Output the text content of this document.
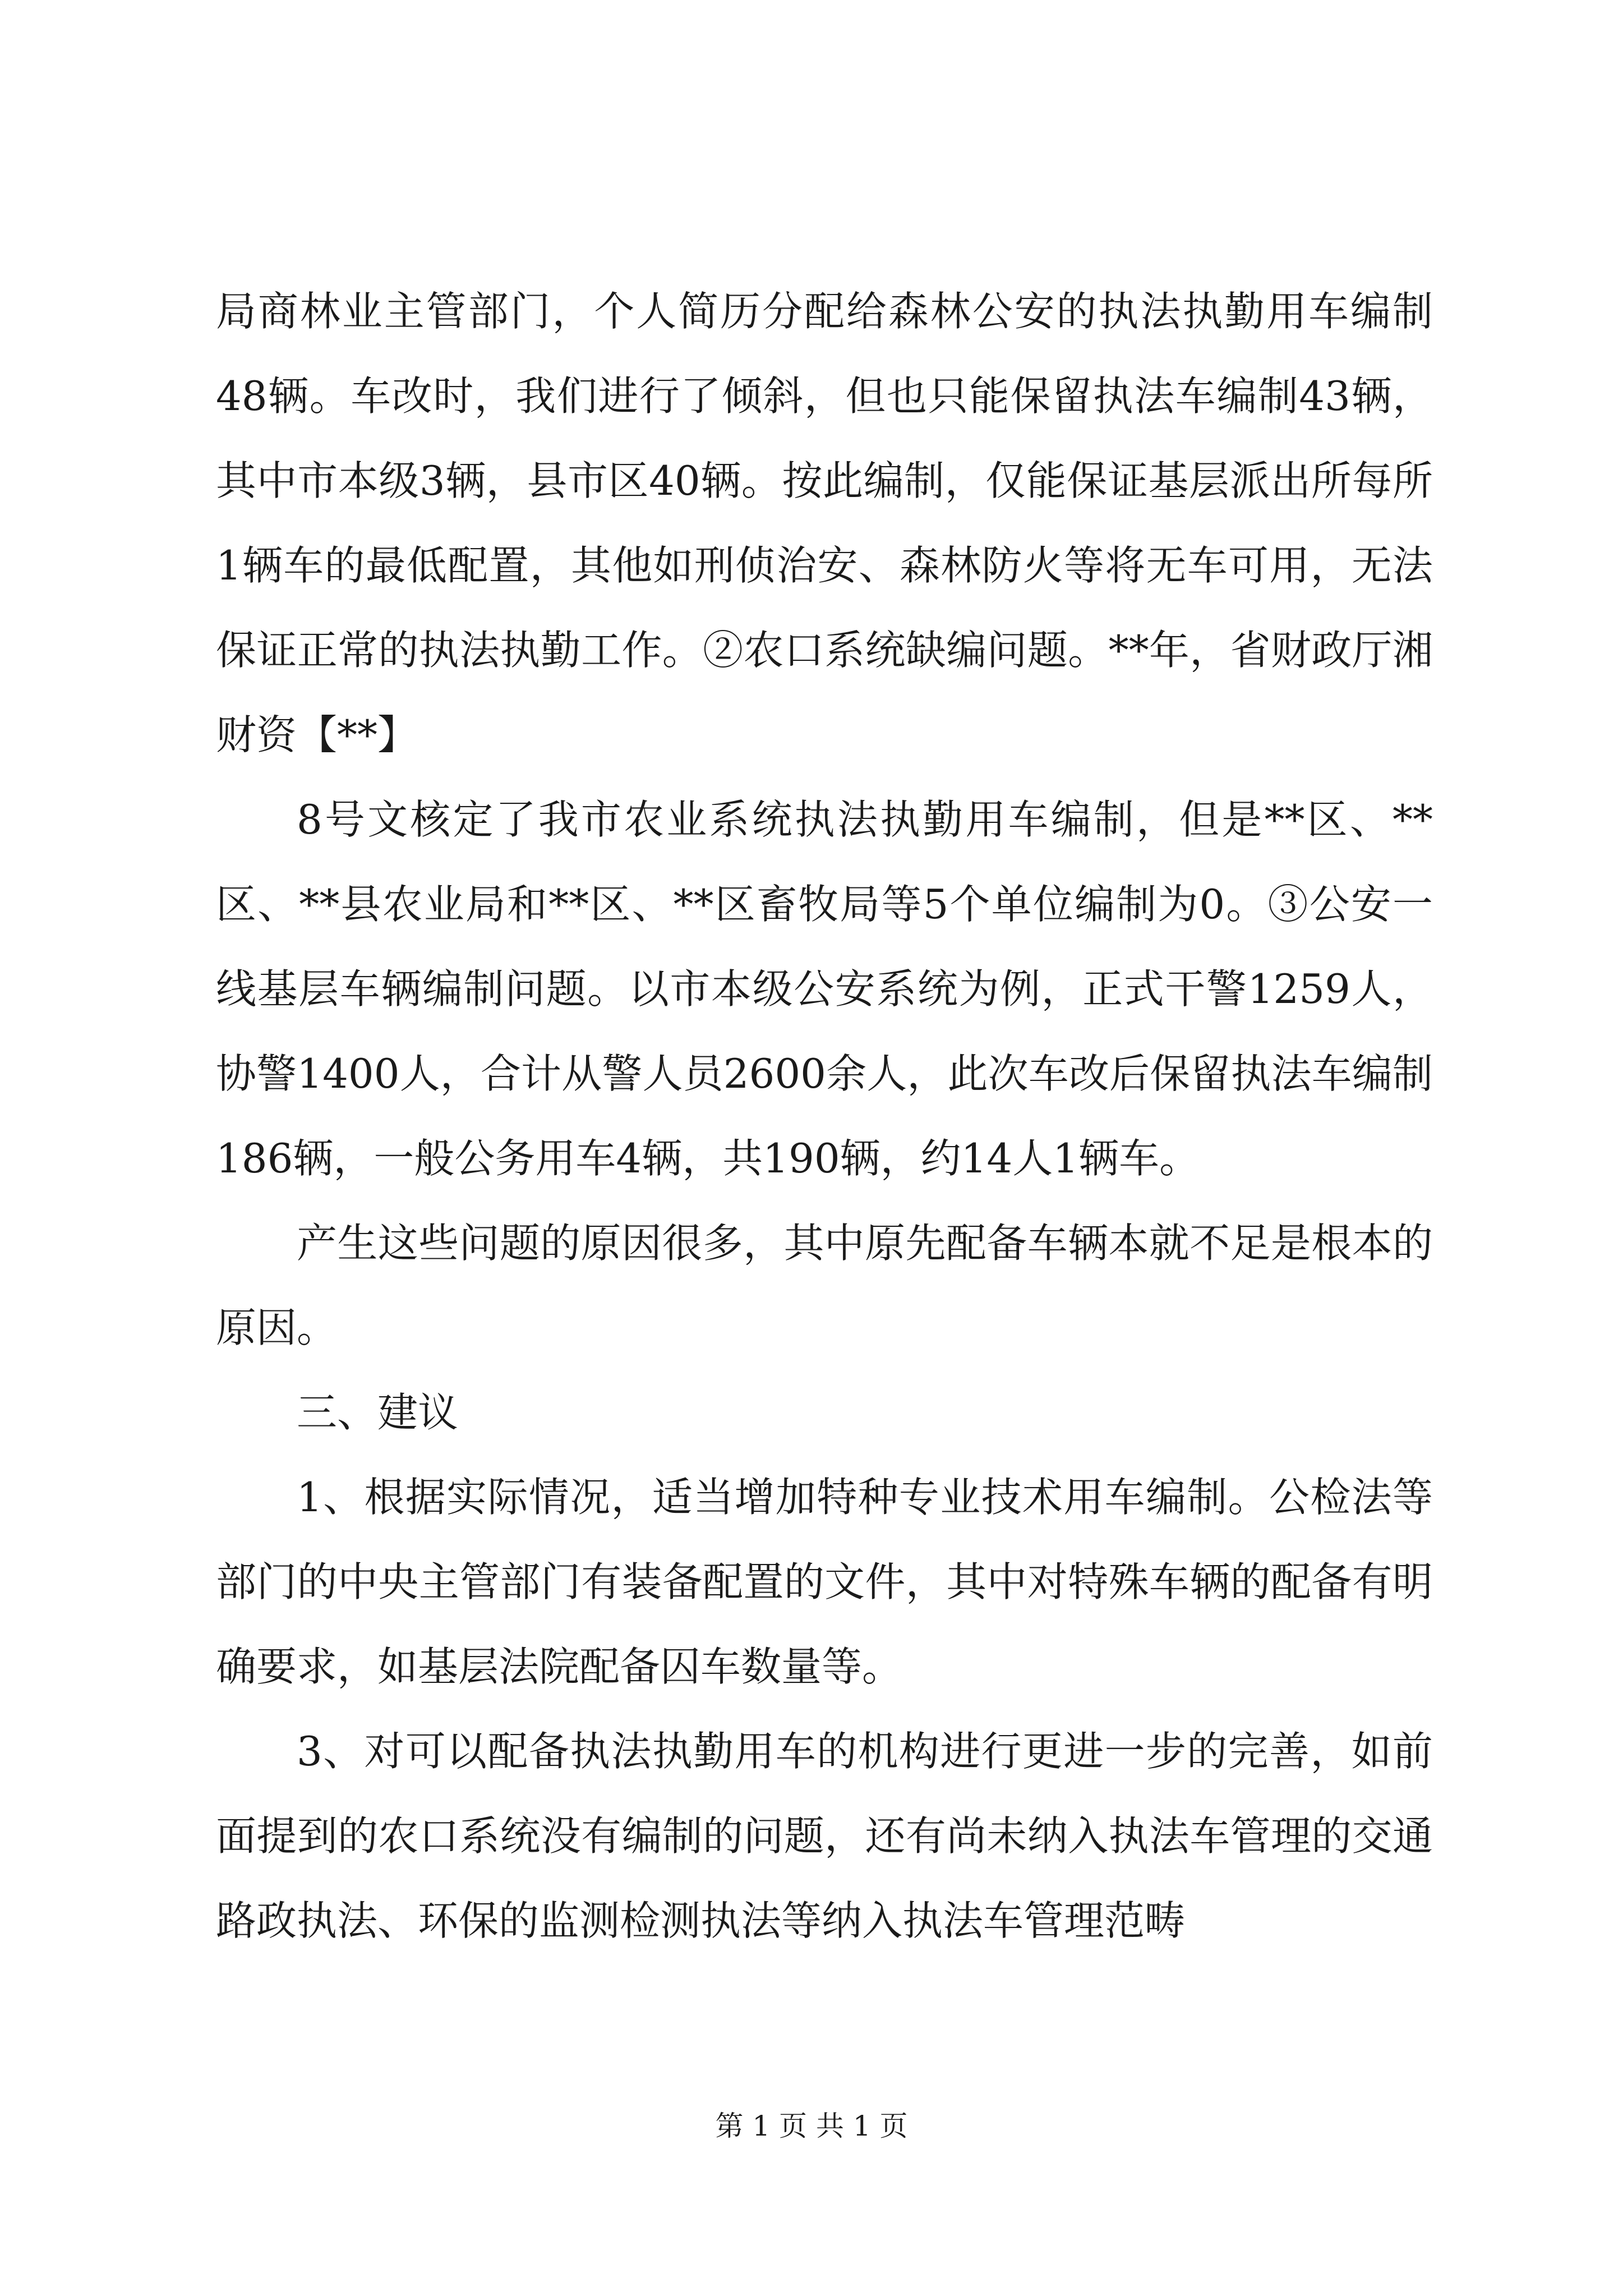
局商林业主管部门，个人简历分配给森林公安的执法执勤用车编制48辆。车改时，我们进行了倾斜，但也只能保留执法车编制43辆，其中市本级3辆，县市区40辆。按此编制，仅能保证基层派出所每所1辆车的最低配置，其他如刑侦治安、森林防火等将无车可用，无法保证正常的执法执勤工作。②农口系统缺编问题。**年，省财政厅湘财资【**】

8号文核定了我市农业系统执法执勤用车编制，但是**区、**区、**县农业局和**区、**区畜牧局等5个单位编制为0。③公安一线基层车辆编制问题。以市本级公安系统为例，正式干警1259人，协警1400人，合计从警人员2600余人，此次车改后保留执法车编制186辆，一般公务用车4辆，共190辆，约14人1辆车。

产生这些问题的原因很多，其中原先配备车辆本就不足是根本的原因。

三、建议

1、根据实际情况，适当增加特种专业技术用车编制。公检法等部门的中央主管部门有装备配置的文件，其中对特殊车辆的配备有明确要求，如基层法院配备囚车数量等。

3、对可以配备执法执勤用车的机构进行更进一步的完善，如前面提到的农口系统没有编制的问题，还有尚未纳入执法车管理的交通路政执法、环保的监测检测执法等纳入执法车管理范畴

第 1 页 共 1 页
